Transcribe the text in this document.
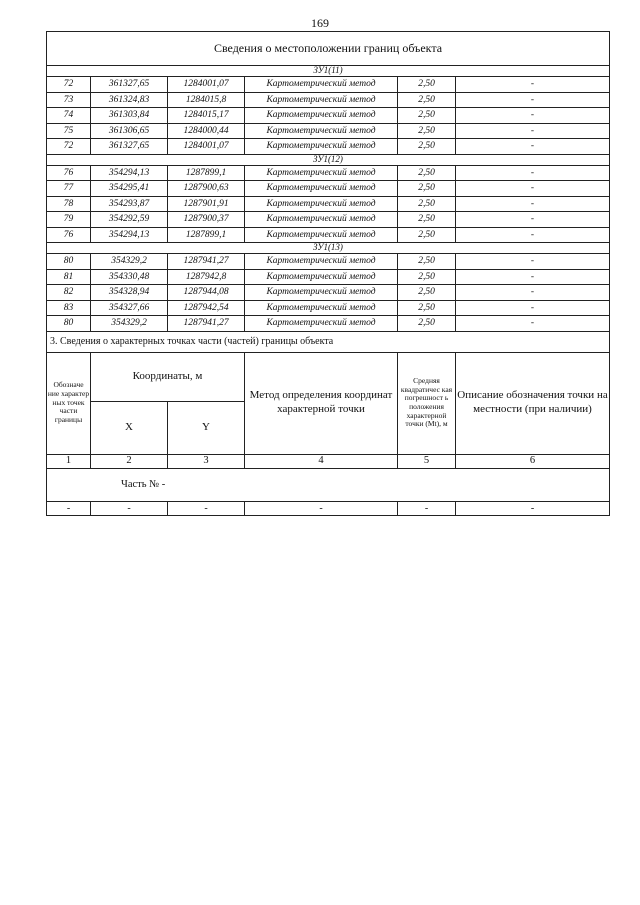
169
Сведения о местоположении границ объекта					
ЗУ1(11)					
72	361327,65	1284001,07	Картометрический метод	2,50	-
73	361324,83	1284015,8	Картометрический метод	2,50	-
74	361303,84	1284015,17	Картометрический метод	2,50	-
75	361306,65	1284000,44	Картометрический метод	2,50	-
72	361327,65	1284001,07	Картометрический метод	2,50	-
ЗУ1(12)					
76	354294,13	1287899,1	Картометрический метод	2,50	-
77	354295,41	1287900,63	Картометрический метод	2,50	-
78	354293,87	1287901,91	Картометрический метод	2,50	-
79	354292,59	1287900,37	Картометрический метод	2,50	-
76	354294,13	1287899,1	Картометрический метод	2,50	-
ЗУ1(13)					
80	354329,2	1287941,27	Картометрический метод	2,50	-
81	354330,48	1287942,8	Картометрический метод	2,50	-
82	354328,94	1287944,08	Картометрический метод	2,50	-
83	354327,66	1287942,54	Картометрический метод	2,50	-
80	354329,2	1287941,27	Картометрический метод	2,50	-
3. Сведения о характерных точках части (частей) границы объекта					
Обозначе ние характер ных точек части границы	Координаты, м		Метод определения координат характерной точки	Средняя квадратичес кая погрешност ь положения характерной точки (Mt), м	Описание обозначения точки на местности (при наличии)
	X	Y			
1	2	3	4	5	6
Часть № -					
-	-	-	-	-	-
